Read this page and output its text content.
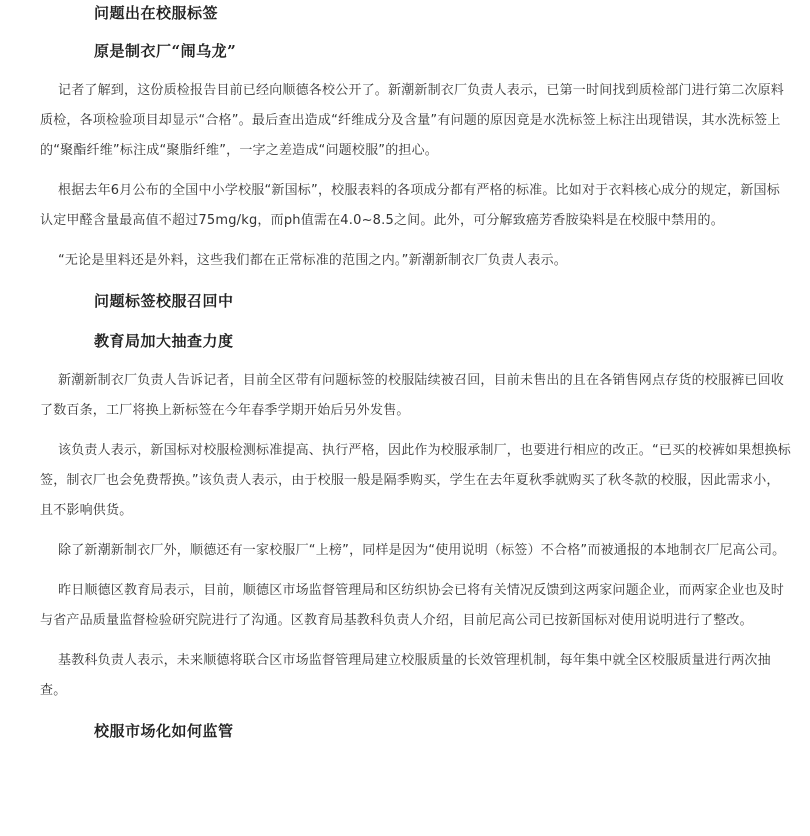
问题出在校服标签
原是制衣厂“闹乌龙”

记者了解到，这份质检报告目前已经向顺德各校公开了。新潮新制衣厂负责人表示，已第一时间找到质检部门进行第二次原料质检，各项检验项目却显示“合格”。最后查出造成“纤维成分及含量”有问题的原因竟是水洗标签上标注出现错误，其水洗标签上的“聚酯纤维”标注成“聚脂纤维”，一字之差造成“问题校服”的担心。

根据去年6月公布的全国中小学校服“新国标”，校服表料的各项成分都有严格的标准。比如对于衣料核心成分的规定，新国标认定甲醛含量最高值不超过75mg/kg，而ph值需在4.0~8.5之间。此外，可分解致癌芳香胺染料是在校服中禁用的。

“无论是里料还是外料，这些我们都在正常标准的范围之内。”新潮新制衣厂负责人表示。

问题标签校服召回中
教育局加大抽查力度

新潮新制衣厂负责人告诉记者，目前全区带有问题标签的校服陆续被召回，目前未售出的且在各销售网点存货的校服裤已回收了数百条，工厂将换上新标签在今年春季学期开始后另外发售。

该负责人表示，新国标对校服检测标准提高、执行严格，因此作为校服承制厂，也要进行相应的改正。“已买的校裤如果想换标签，制衣厂也会免费帮换。”该负责人表示，由于校服一般是隔季购买，学生在去年夏秋季就购买了秋冬款的校服，因此需求小，且不影响供货。

除了新潮新制衣厂外，顺德还有一家校服厂“上榜”，同样是因为“使用说明（标签）不合格”而被通报的本地制衣厂尼高公司。

昨日顺德区教育局表示，目前，顺德区市场监督管理局和区纺织协会已将有关情况反馈到这两家问题企业，而两家企业也及时与省产品质量监督检验研究院进行了沟通。区教育局基教科负责人介绍，目前尼高公司已按新国标对使用说明进行了整改。

基教科负责人表示，未来顺德将联合区市场监督管理局建立校服质量的长效管理机制，每年集中就全区校服质量进行两次抽查。

校服市场化如何监管
